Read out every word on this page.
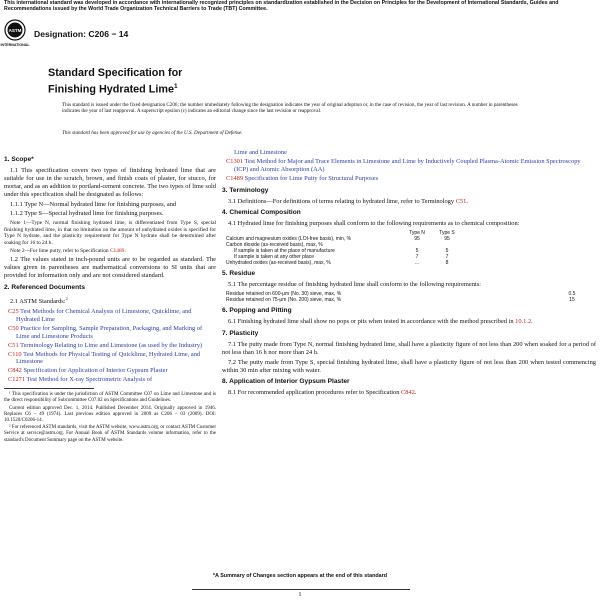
This international standard was developed in accordance with internationally recognized principles on standardization established in the Decision on Principles for the Development of International Standards, Guides and Recommendations issued by the World Trade Organization Technical Barriers to Trade (TBT) Committee.
ASTM
INTERNATIONAL
Designation: C206 − 14
Standard Specification for
Finishing Hydrated Lime$^1$
This standard is issued under the fixed designation C206; the number immediately following the designation indicates the year of original adoption or, in the case of revision, the year of last revision. A number in parentheses indicates the year of last reapproval. A superscript epsilon (ε) indicates an editorial change since the last revision or reapproval.
This standard has been approved for use by agencies of the U.S. Department of Defense.
1. Scope*

1.1 This specification covers two types of finishing hydrated lime that are suitable for use in the scratch, brown, and finish coats of plaster, for stucco, for mortar, and as an addition to portland-cement concrete. The two types of lime sold under this specification shall be designated as follows:

1.1.1 Type N—Normal hydrated lime for finishing purposes, and

1.1.2 Type S—Special hydrated lime for finishing purposes.

Note 1—Type N, normal finishing hydrated lime, is differentiated from Type S, special finishing hydrated lime, in that no limitation on the amount of unhydrated oxides is specified for Type N hydrate, and the plasticity requirement for Type N hydrate shall be determined after soaking for 16 to 24 h.

Note 2—For lime putty, refer to Specification C1489.

1.2 The values stated in inch-pound units are to be regarded as standard. The values given in parentheses are mathematical conversions to SI units that are provided for information only and are not considered standard.

2. Referenced Documents

2.1 ASTM Standards:$^2$

C25 Test Methods for Chemical Analysis of Limestone, Quicklime, and Hydrated Lime
C50 Practice for Sampling, Sample Preparation, Packaging, and Marking of Lime and Limestone Products
C51 Terminology Relating to Lime and Limestone (as used by the Industry)
C110 Test Methods for Physical Testing of Quicklime, Hydrated Lime, and Limestone
C842 Specification for Application of Interior Gypsum Plaster
C1271 Test Method for X-ray Spectrometric Analysis of

¹ This specification is under the jurisdiction of ASTM Committee C07 on Lime and Limestone and is the direct responsibility of Subcommittee C07.02 on Specifications and Guidelines.

Current edition approved Dec. 1, 2014. Published December 2014. Originally approved in 1946. Replaces C6 – 49 (1974). Last previous edition approved in 2009 as C206 – 03 (2009). DOI: 10.1520/C0206-14.

² For referenced ASTM standards, visit the ASTM website, www.astm.org, or contact ASTM Customer Service at service@astm.org. For Annual Book of ASTM Standards volume information, refer to the standard's Document Summary page on the ASTM website.

Lime and Limestone
C1301 Test Method for Major and Trace Elements in Limestone and Lime by Inductively Coupled Plasma-Atomic Emission Spectroscopy (ICP) and Atomic Absorption (AA)
C1489 Specification for Lime Putty for Structural Purposes
3. Terminology

3.1 Definitions—For definitions of terms relating to hydrated lime, refer to Terminology C51.

4. Chemical Composition

4.1 Hydrated lime for finishing purposes shall conform to the following requirements as to chemical composition:

	Type N	Type S
Calcium and magnesium oxides (LOI-free basis), min, %	95	95
Carbon dioxide (as-received basis), max, %		
If sample is taken at the place of manufacture	5	5
If sample is taken at any other place	7	7
Unhydrated oxides (as-received basis), max, %	...	8
5. Residue

5.1 The percentage residue of finishing hydrated lime shall conform to the following requirements:

Residue retained on 600-μm (No. 30) sieve, max, %	0.5
Residue retained on 75-μm (No. 200) sieve, max, %	15
6. Popping and Pitting

6.1 Finishing hydrated lime shall show no pops or pits when tested in accordance with the method prescribed in 10.1.2.

7. Plasticity

7.1 The putty made from Type N, normal finishing hydrated lime, shall have a plasticity figure of not less than 200 when soaked for a period of not less than 16 h nor more than 24 h.

7.2 The putty made from Type S, special finishing hydrated lime, shall have a plasticity figure of not less than 200 when tested commencing within 30 min after mixing with water.

8. Application of Interior Gypsum Plaster

8.1 For recommended application procedures refer to Specification C842.

*A Summary of Changes section appears at the end of this standard
1
